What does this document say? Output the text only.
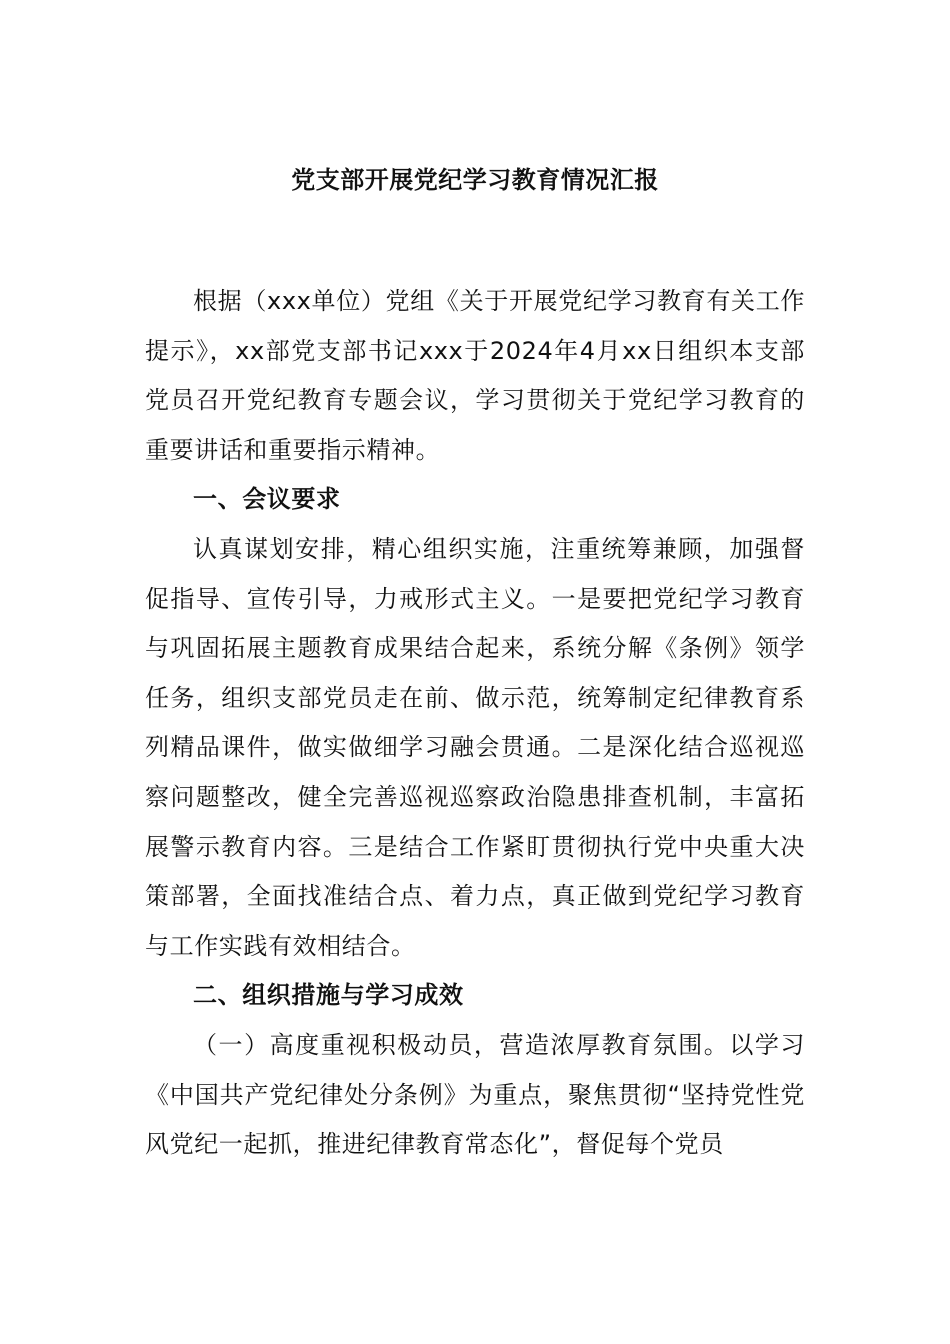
党支部开展党纪学习教育情况汇报

根据（xxx单位）党组《关于开展党纪学习教育有关工作提示》，xx部党支部书记xxx于2024年4月xx日组织本支部党员召开党纪教育专题会议，学习贯彻关于党纪学习教育的重要讲话和重要指示精神。

一、会议要求

认真谋划安排，精心组织实施，注重统筹兼顾，加强督促指导、宣传引导，力戒形式主义。一是要把党纪学习教育与巩固拓展主题教育成果结合起来，系统分解《条例》领学任务，组织支部党员走在前、做示范，统筹制定纪律教育系列精品课件，做实做细学习融会贯通。二是深化结合巡视巡察问题整改，健全完善巡视巡察政治隐患排查机制，丰富拓展警示教育内容。三是结合工作紧盯贯彻执行党中央重大决策部署，全面找准结合点、着力点，真正做到党纪学习教育与工作实践有效相结合。

二、组织措施与学习成效

（一）高度重视积极动员，营造浓厚教育氛围。以学习《中国共产党纪律处分条例》为重点，聚焦贯彻“坚持党性党风党纪一起抓，推进纪律教育常态化”，督促每个党员
